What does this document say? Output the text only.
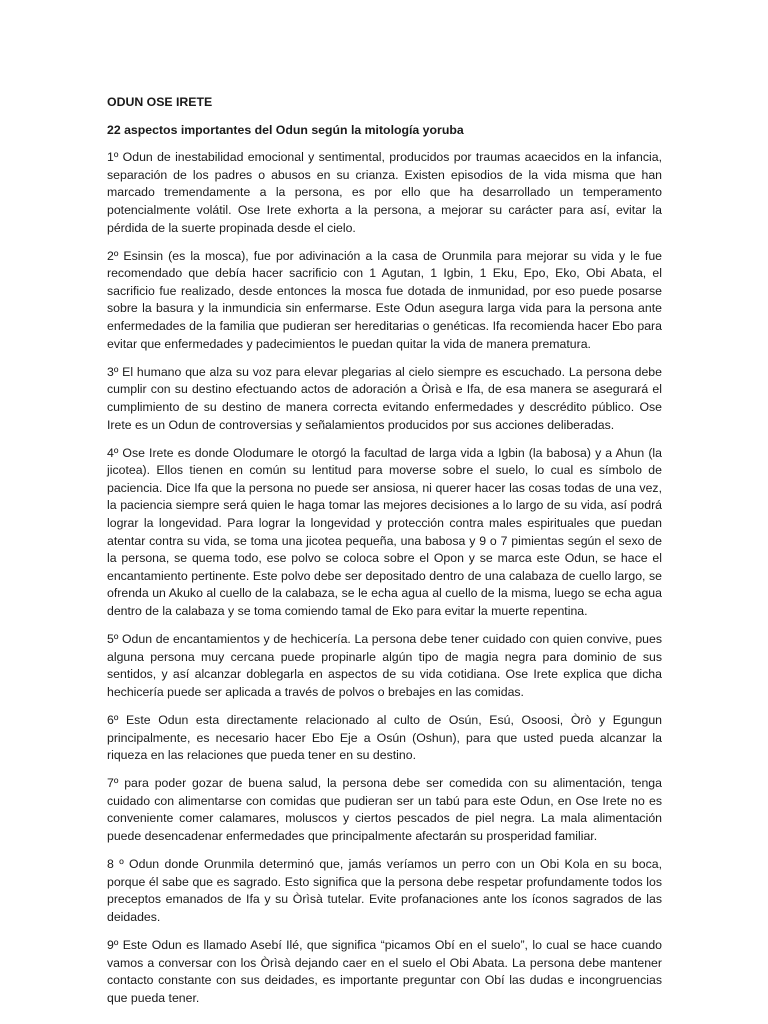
ODUN OSE IRETE
22 aspectos importantes del Odun según la mitología yoruba

1º Odun de inestabilidad emocional y sentimental, producidos por traumas acaecidos en la infancia, separación de los padres o abusos en su crianza. Existen episodios de la vida misma que han marcado tremendamente a la persona, es por ello que ha desarrollado un temperamento potencialmente volátil. Ose Irete exhorta a la persona, a mejorar su carácter para así, evitar la pérdida de la suerte propinada desde el cielo.

2º Esinsin (es la mosca), fue por adivinación a la casa de Orunmila para mejorar su vida y le fue recomendado que debía hacer sacrificio con 1 Agutan, 1 Igbin, 1 Eku, Epo, Eko, Obi Abata, el sacrificio fue realizado, desde entonces la mosca fue dotada de inmunidad, por eso puede posarse sobre la basura y la inmundicia sin enfermarse. Este Odun asegura larga vida para la persona ante enfermedades de la familia que pudieran ser hereditarias o genéticas. Ifa recomienda hacer Ebo para evitar que enfermedades y padecimientos le puedan quitar la vida de manera prematura.

3º El humano que alza su voz para elevar plegarias al cielo siempre es escuchado. La persona debe cumplir con su destino efectuando actos de adoración a Òrìsà e Ifa, de esa manera se asegurará el cumplimiento de su destino de manera correcta evitando enfermedades y descrédito público. Ose Irete es un Odun de controversias y señalamientos producidos por sus acciones deliberadas.

4º Ose Irete es donde Olodumare le otorgó la facultad de larga vida a Igbin (la babosa) y a Ahun (la jicotea). Ellos tienen en común su lentitud para moverse sobre el suelo, lo cual es símbolo de paciencia. Dice Ifa que la persona no puede ser ansiosa, ni querer hacer las cosas todas de una vez, la paciencia siempre será quien le haga tomar las mejores decisiones a lo largo de su vida, así podrá lograr la longevidad. Para lograr la longevidad y protección contra males espirituales que puedan atentar contra su vida, se toma una jicotea pequeña, una babosa y 9 o 7 pimientas según el sexo de la persona, se quema todo, ese polvo se coloca sobre el Opon y se marca este Odun, se hace el encantamiento pertinente. Este polvo debe ser depositado dentro de una calabaza de cuello largo, se ofrenda un Akuko al cuello de la calabaza, se le echa agua al cuello de la misma, luego se echa agua dentro de la calabaza y se toma comiendo tamal de Eko para evitar la muerte repentina.

5º Odun de encantamientos y de hechicería. La persona debe tener cuidado con quien convive, pues alguna persona muy cercana puede propinarle algún tipo de magia negra para dominio de sus sentidos, y así alcanzar doblegarla en aspectos de su vida cotidiana. Ose Irete explica que dicha hechicería puede ser aplicada a través de polvos o brebajes en las comidas.

6º Este Odun esta directamente relacionado al culto de Osún, Esú, Osoosi, Òrò y Egungun principalmente, es necesario hacer Ebo Eje a Osún (Oshun), para que usted pueda alcanzar la riqueza en las relaciones que pueda tener en su destino.

7º para poder gozar de buena salud, la persona debe ser comedida con su alimentación, tenga cuidado con alimentarse con comidas que pudieran ser un tabú para este Odun, en Ose Irete no es conveniente comer calamares, moluscos y ciertos pescados de piel negra. La mala alimentación puede desencadenar enfermedades que principalmente afectarán su prosperidad familiar.

8 º Odun donde Orunmila determinó que, jamás veríamos un perro con un Obi Kola en su boca, porque él sabe que es sagrado. Esto significa que la persona debe respetar profundamente todos los preceptos emanados de Ifa y su Òrìsà tutelar. Evite profanaciones ante los íconos sagrados de las deidades.

9º Este Odun es llamado Asebí Ilé, que significa “picamos Obí en el suelo”, lo cual se hace cuando vamos a conversar con los Òrìsà dejando caer en el suelo el Obi Abata. La persona debe mantener contacto constante con sus deidades, es importante preguntar con Obí las dudas e incongruencias que pueda tener.
